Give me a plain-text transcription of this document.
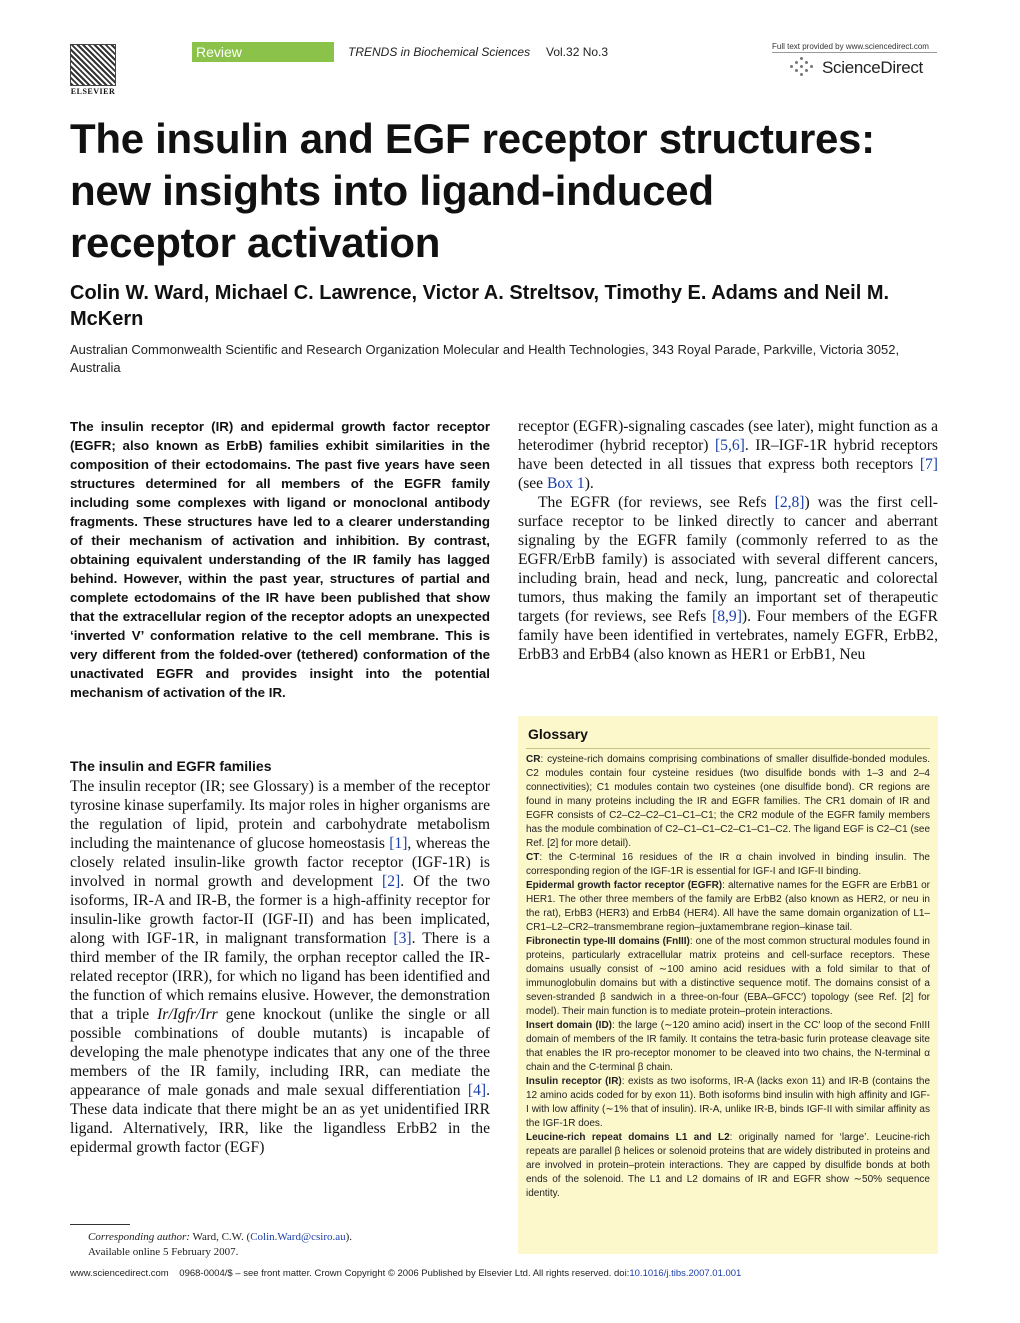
ELSEVIER
Review	TRENDS in Biochemical Sciences Vol.32 No.3	Full text provided by www.sciencedirect.com
ScienceDirect
The insulin and EGF receptor structures: new insights into ligand-induced receptor activation
Colin W. Ward, Michael C. Lawrence, Victor A. Streltsov, Timothy E. Adams and Neil M. McKern
Australian Commonwealth Scientific and Research Organization Molecular and Health Technologies, 343 Royal Parade, Parkville, Victoria 3052, Australia
The insulin receptor (IR) and epidermal growth factor receptor (EGFR; also known as ErbB) families exhibit similarities in the composition of their ectodomains. The past five years have seen structures determined for all members of the EGFR family including some complexes with ligand or monoclonal antibody fragments. These structures have led to a clearer understanding of their mechanism of activation and inhibition. By contrast, obtaining equivalent understanding of the IR family has lagged behind. However, within the past year, structures of partial and complete ectodomains of the IR have been published that show that the extracellular region of the receptor adopts an unexpected ‘inverted V’ conformation relative to the cell membrane. This is very different from the folded-over (tethered) conformation of the unactivated EGFR and provides insight into the potential mechanism of activation of the IR.
The insulin and EGFR families
The insulin receptor (IR; see Glossary) is a member of the receptor tyrosine kinase superfamily. Its major roles in higher organisms are the regulation of lipid, protein and carbohydrate metabolism including the maintenance of glucose homeostasis [1], whereas the closely related insulin-like growth factor receptor (IGF-1R) is involved in normal growth and development [2]. Of the two isoforms, IR-A and IR-B, the former is a high-affinity receptor for insulin-like growth factor-II (IGF-II) and has been implicated, along with IGF-1R, in malignant transformation [3]. There is a third member of the IR family, the orphan receptor called the IR-related receptor (IRR), for which no ligand has been identified and the function of which remains elusive. However, the demonstration that a triple Ir/Igfr/Irr gene knockout (unlike the single or all possible combinations of double mutants) is incapable of developing the male phenotype indicates that any one of the three members of the IR family, including IRR, can mediate the appearance of male gonads and male sexual differentiation [4]. These data indicate that there might be an as yet unidentified IRR ligand. Alternatively, IRR, like the ligandless ErbB2 in the epidermal growth factor (EGF)
receptor (EGFR)-signaling cascades (see later), might function as a heterodimer (hybrid receptor) [5,6]. IR–IGF-1R hybrid receptors have been detected in all tissues that express both receptors [7] (see Box 1).
The EGFR (for reviews, see Refs [2,8]) was the first cell-surface receptor to be linked directly to cancer and aberrant signaling by the EGFR family (commonly referred to as the EGFR/ErbB family) is associated with several different cancers, including brain, head and neck, lung, pancreatic and colorectal tumors, thus making the family an important set of therapeutic targets (for reviews, see Refs [8,9]). Four members of the EGFR family have been identified in vertebrates, namely EGFR, ErbB2, ErbB3 and ErbB4 (also known as HER1 or ErbB1, Neu
Glossary
CR: cysteine-rich domains comprising combinations of smaller disulfide-bonded modules. C2 modules contain four cysteine residues (two disulfide bonds with 1–3 and 2–4 connectivities); C1 modules contain two cysteines (one disulfide bond). CR regions are found in many proteins including the IR and EGFR families. The CR1 domain of IR and EGFR consists of C2–C2–C2–C1–C1–C1; the CR2 module of the EGFR family members has the module combination of C2–C1–C1–C2–C1–C1–C2. The ligand EGF is C2–C1 (see Ref. [2] for more detail).
CT: the C-terminal 16 residues of the IR α chain involved in binding insulin. The corresponding region of the IGF-1R is essential for IGF-I and IGF-II binding.
Epidermal growth factor receptor (EGFR): alternative names for the EGFR are ErbB1 or HER1. The other three members of the family are ErbB2 (also known as HER2, or neu in the rat), ErbB3 (HER3) and ErbB4 (HER4). All have the same domain organization of L1–CR1–L2–CR2–transmembrane region–juxtamembrane region–kinase tail.
Fibronectin type-III domains (FnIII): one of the most common structural modules found in proteins, particularly extracellular matrix proteins and cell-surface receptors. These domains usually consist of ∼100 amino acid residues with a fold similar to that of immunoglobulin domains but with a distinctive sequence motif. The domains consist of a seven-stranded β sandwich in a three-on-four (EBA–GFCC′) topology (see Ref. [2] for model). Their main function is to mediate protein–protein interactions.
Insert domain (ID): the large (∼120 amino acid) insert in the CC′ loop of the second FnIII domain of members of the IR family. It contains the tetra-basic furin protease cleavage site that enables the IR pro-receptor monomer to be cleaved into two chains, the N-terminal α chain and the C-terminal β chain.
Insulin receptor (IR): exists as two isoforms, IR-A (lacks exon 11) and IR-B (contains the 12 amino acids coded for by exon 11). Both isoforms bind insulin with high affinity and IGF-I with low affinity (∼1% that of insulin). IR-A, unlike IR-B, binds IGF-II with similar affinity as the IGF-1R does.
Leucine-rich repeat domains L1 and L2: originally named for ‘large’. Leucine-rich repeats are parallel β helices or solenoid proteins that are widely distributed in proteins and are involved in protein–protein interactions. They are capped by disulfide bonds at both ends of the solenoid. The L1 and L2 domains of IR and EGFR show ∼50% sequence identity.
Corresponding author: Ward, C.W. (Colin.Ward@csiro.au).
Available online 5 February 2007.
www.sciencedirect.com 0968-0004/$ – see front matter. Crown Copyright © 2006 Published by Elsevier Ltd. All rights reserved. doi:10.1016/j.tibs.2007.01.001
